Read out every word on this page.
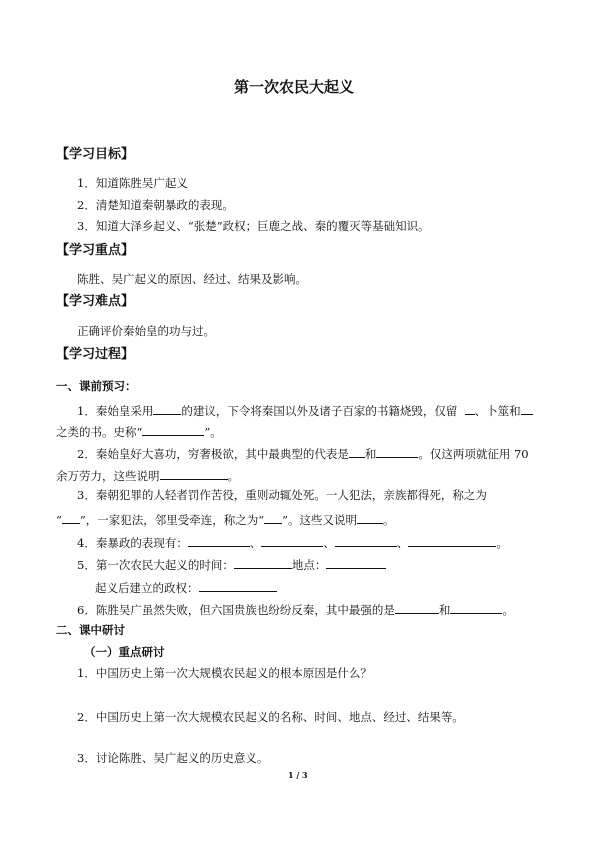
第一次农民大起义
【学习目标】
1．知道陈胜吴广起义
2．清楚知道秦朝暴政的表现。
3．知道大泽乡起义、“张楚”政权；巨鹿之战、秦的覆灭等基础知识。
【学习重点】
陈胜、吴广起义的原因、经过、结果及影响。
【学习难点】
正确评价秦始皇的功与过。
【学习过程】
一、课前预习：
1．秦始皇采用 的建议，下令将秦国以外及诸子百家的书籍烧毁，仅留 、卜筮和
之类的书。史称“	”。
2．秦始皇好大喜功，穷奢极欲，其中最典型的代表是 和	。仅这两项就征用 70
余万劳力，这些说明	。
3．秦朝犯罪的人轻者罚作苦役，重则动辄处死。一人犯法，亲族都得死，称之为
“ ”，一家犯法，邻里受牵连，称之为“ ”。这些又说明 。
4．秦暴政的表现有：	、	、	、	。
5．第一次农民大起义的时间：	地点：
起义后建立的政权：
6．陈胜吴广虽然失败，但六国贵族也纷纷反秦，其中最强的是	和	。
二、课中研讨
（一）重点研讨
1．中国历史上第一次大规模农民起义的根本原因是什么？
2．中国历史上第一次大规模农民起义的名称、时间、地点、经过、结果等。
3．讨论陈胜、吴广起义的历史意义。
1 / 3
